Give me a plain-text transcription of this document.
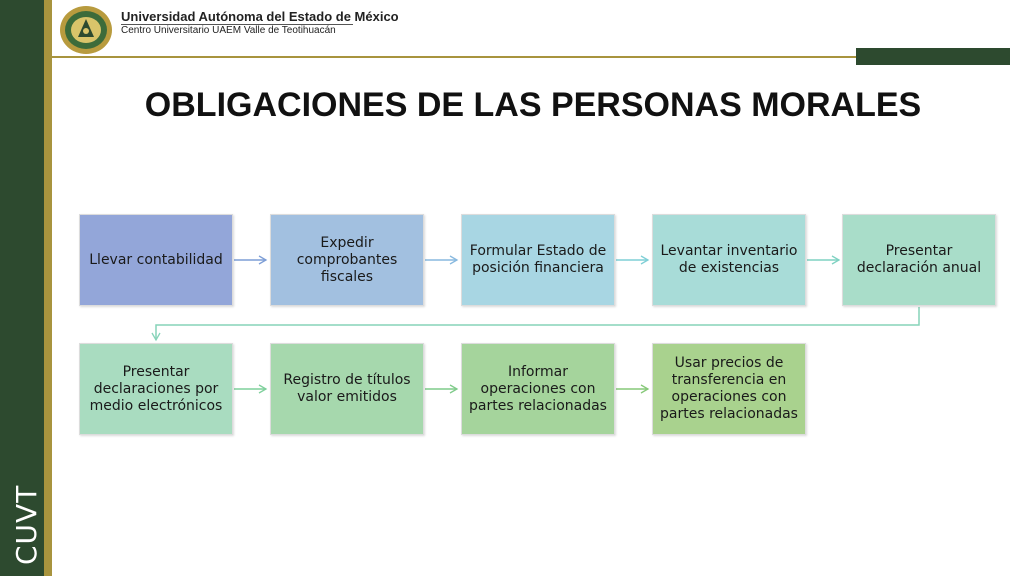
CUVT
Universidad Autónoma del Estado de México
Centro Universitario UAEM Valle de Teotihuacán
OBLIGACIONES DE LAS PERSONAS MORALES
Llevar contabilidad
Expedir comprobantes fiscales
Formular Estado de posición financiera
Levantar inventario de existencias
Presentar declaración anual
Presentar declaraciones por medio electrónicos
Registro de títulos valor emitidos
Informar operaciones con partes relacionadas
Usar precios de transferencia en operaciones con partes relacionadas
